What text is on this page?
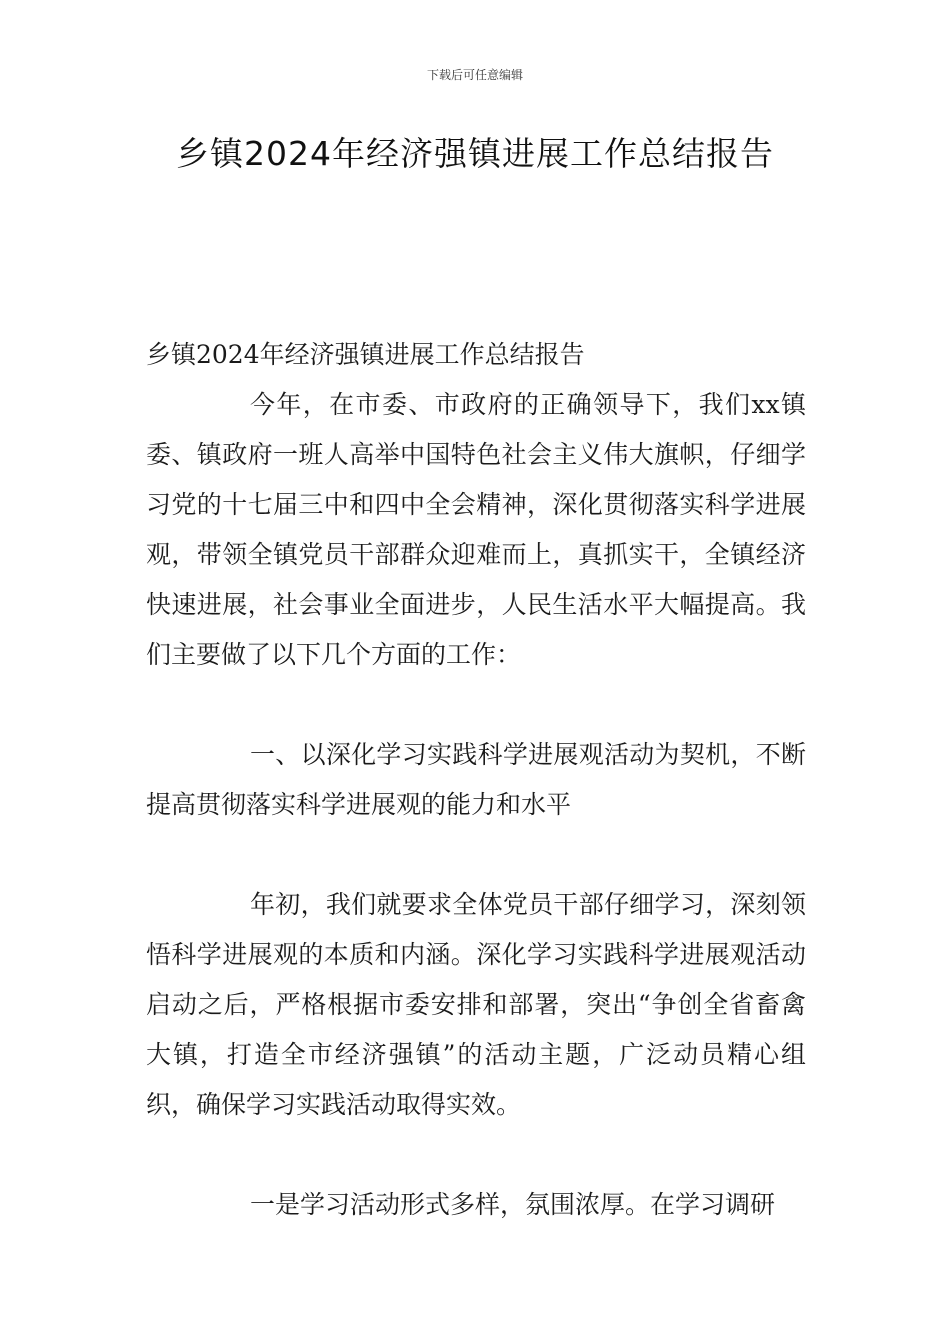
下载后可任意编辑
乡镇2024年经济强镇进展工作总结报告

乡镇2024年经济强镇进展工作总结报告

今年，在市委、市政府的正确领导下，我们xx镇委、镇政府一班人高举中国特色社会主义伟大旗帜，仔细学习党的十七届三中和四中全会精神，深化贯彻落实科学进展观，带领全镇党员干部群众迎难而上，真抓实干，全镇经济快速进展，社会事业全面进步，人民生活水平大幅提高。我们主要做了以下几个方面的工作：

一、以深化学习实践科学进展观活动为契机，不断提高贯彻落实科学进展观的能力和水平

年初，我们就要求全体党员干部仔细学习，深刻领悟科学进展观的本质和内涵。深化学习实践科学进展观活动启动之后，严格根据市委安排和部署，突出“争创全省畜禽大镇，打造全市经济强镇”的活动主题，广泛动员精心组织，确保学习实践活动取得实效。

一是学习活动形式多样，氛围浓厚。在学习调研
